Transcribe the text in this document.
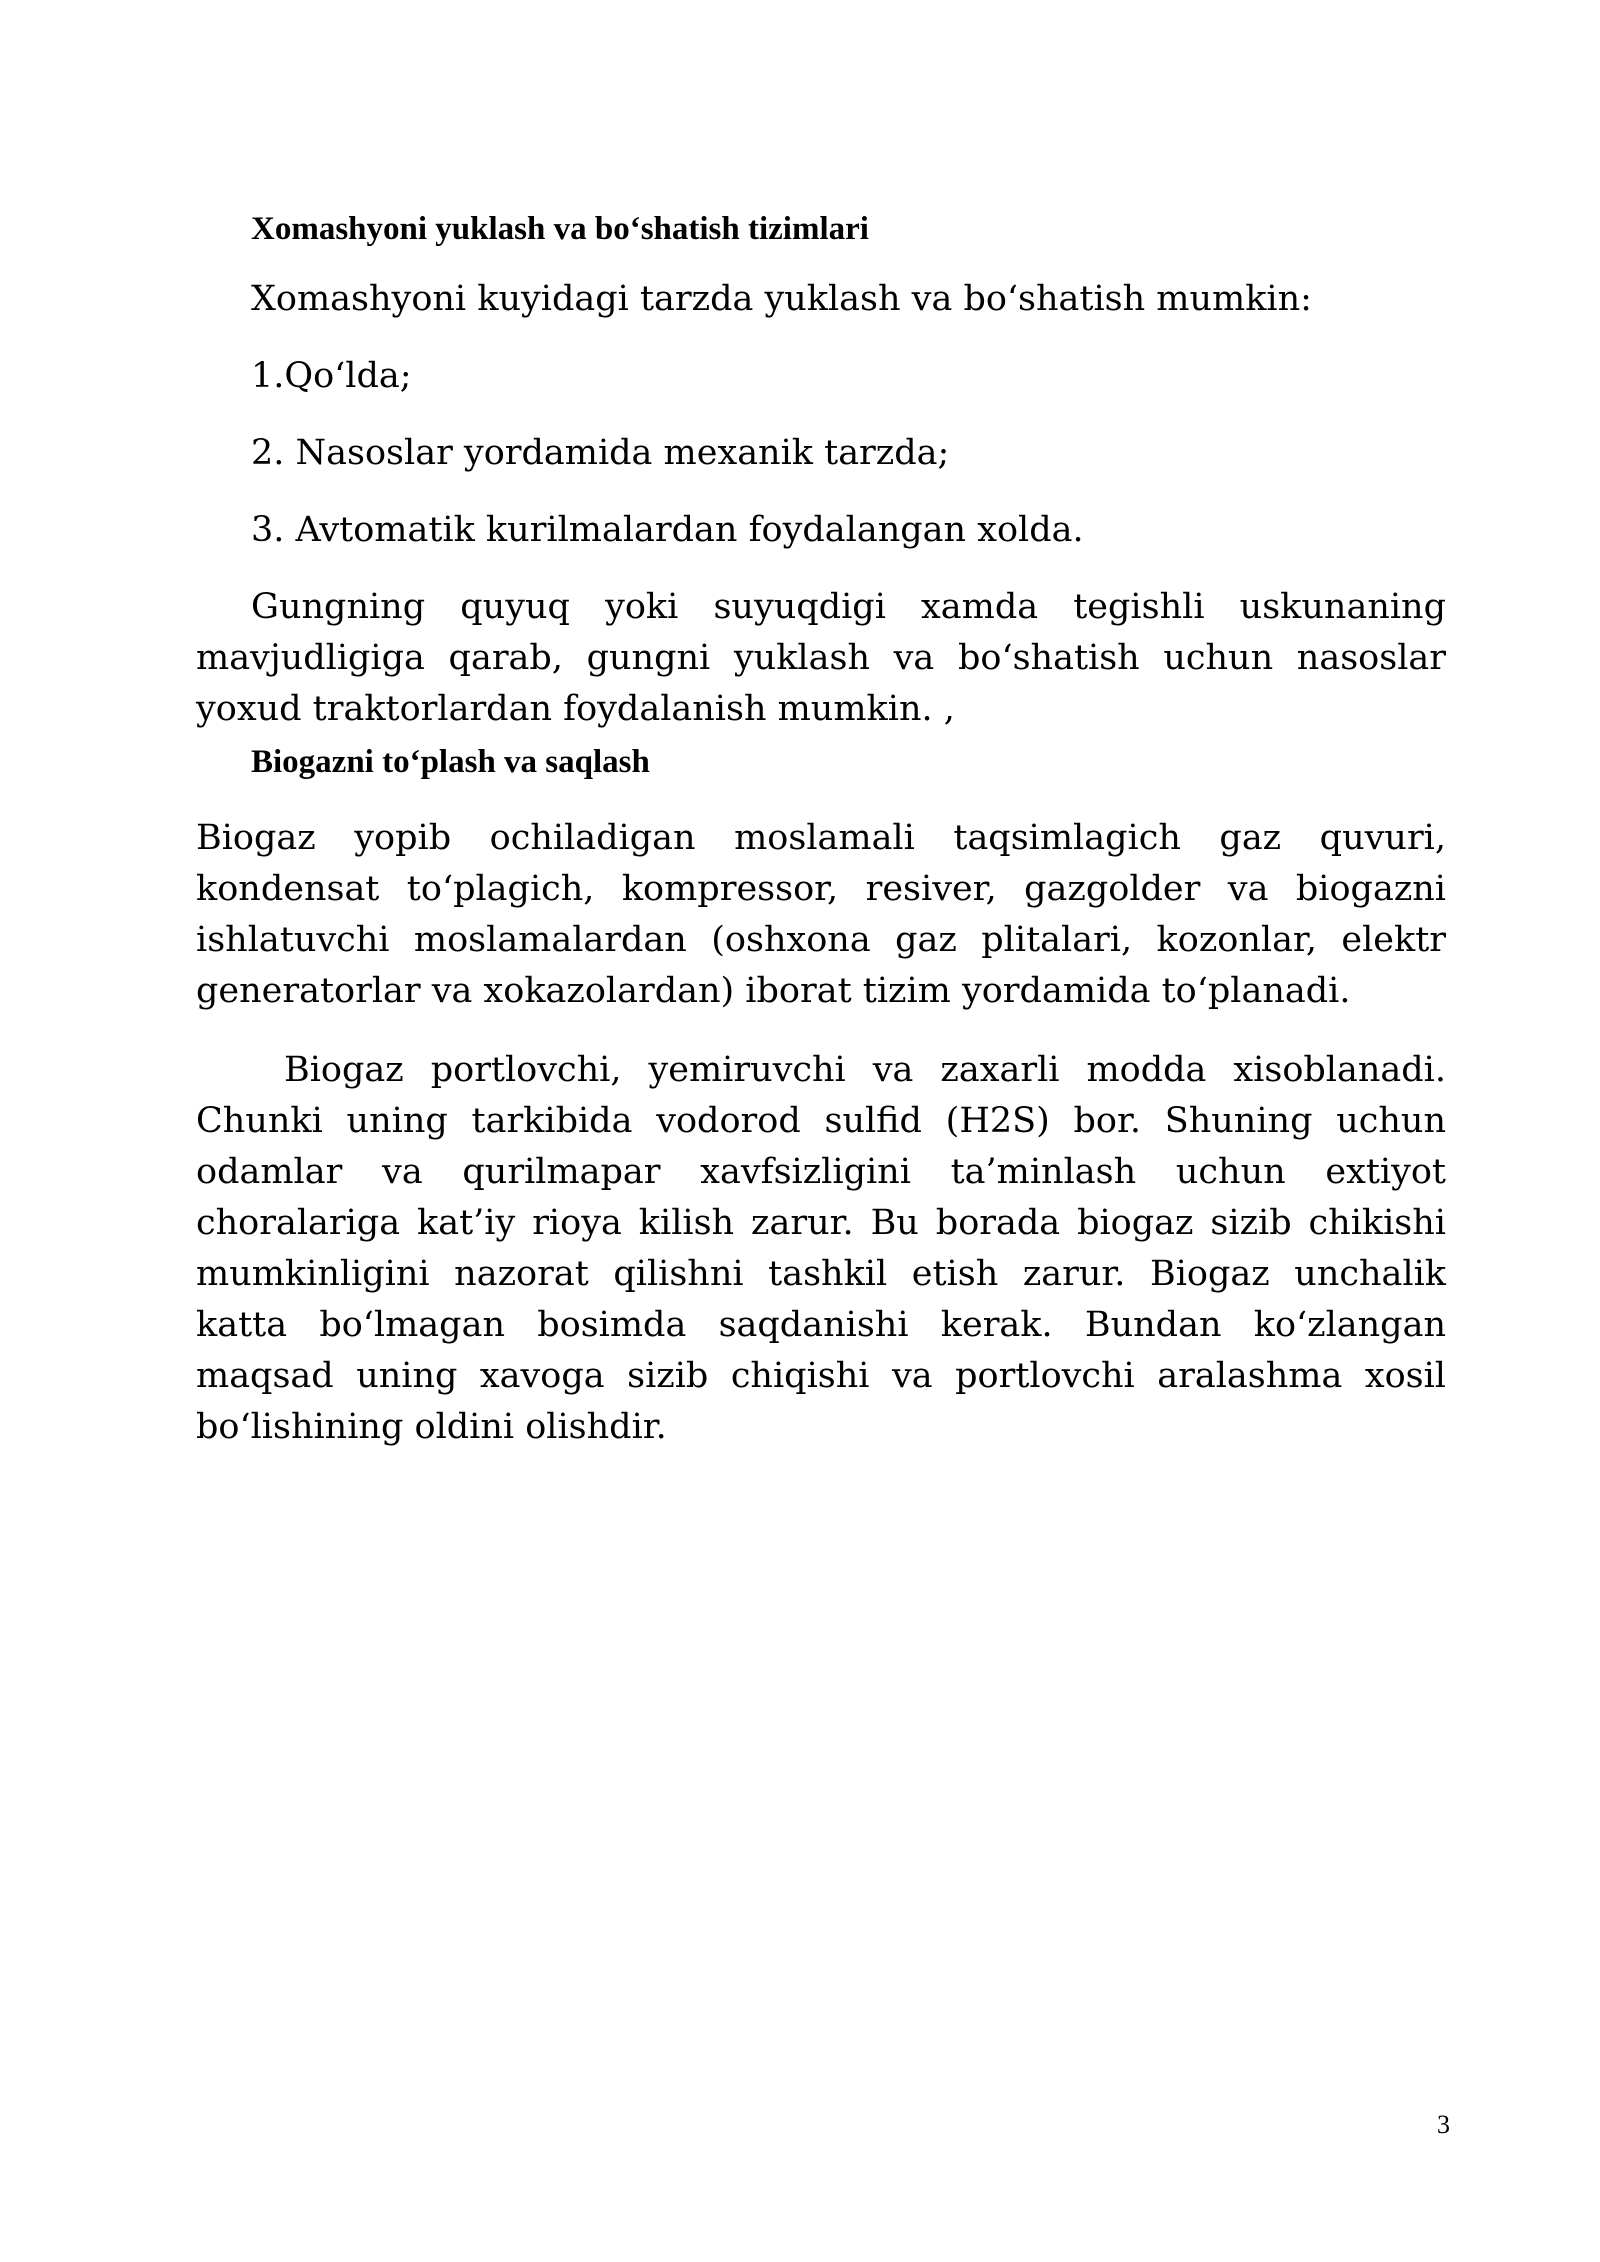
Xomashyoni yuklash va bo‘shatish tizimlari

Xomashyoni kuyidagi tarzda yuklash va bo‘shatish mumkin:

1.Qo‘lda;

2. Nasoslar yordamida mexanik tarzda;

3. Avtomatik kurilmalardan foydalangan xolda.

Gungning quyuq yoki suyuqdigi xamda tegishli uskunaning mavjudligiga qarab, gungni yuklash va bo‘shatish uchun nasoslar yoxud traktorlardan foydalanish mumkin. ,

Biogazni to‘plash va saqlash

Biogaz yopib ochiladigan moslamali taqsimlagich gaz quvuri, kondensat to‘plagich, kompressor, resiver, gazgolder va biogazni ishlatuvchi moslamalardan (oshxona gaz plitalari, kozonlar, elektr generatorlar va xokazolardan) iborat tizim yordamida to‘planadi.

Biogaz portlovchi, yemiruvchi va zaxarli modda xisoblanadi. Chunki uning tarkibida vodorod sulfid (H2S) bor. Shuning uchun odamlar va qurilmapar xavfsizligini ta’minlash uchun extiyot choralariga kat’iy rioya kilish zarur. Bu borada biogaz sizib chikishi mumkinligini nazorat qilishni tashkil etish zarur. Biogaz unchalik katta bo‘lmagan bosimda saqdanishi kerak. Bundan ko‘zlangan maqsad uning xavoga sizib chiqishi va portlovchi aralashma xosil bo‘lishining oldini olishdir.

3
